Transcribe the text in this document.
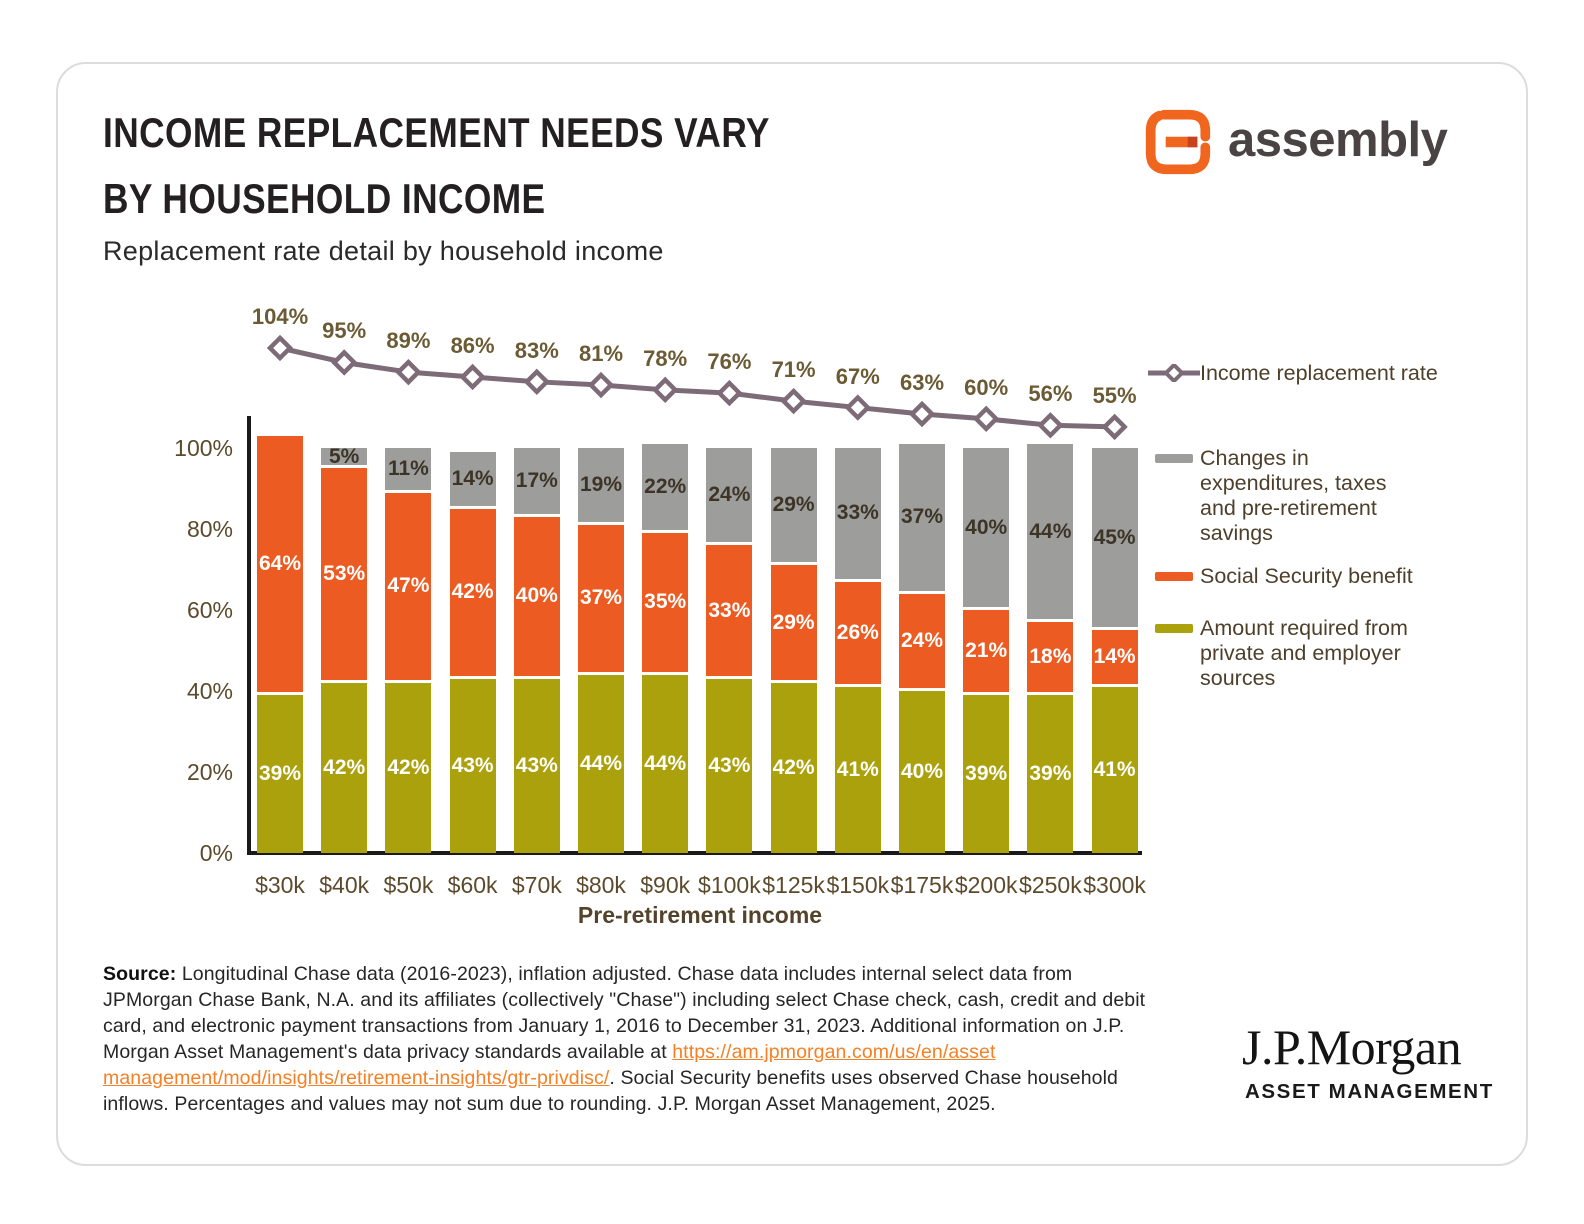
INCOME REPLACEMENT NEEDS VARY BY HOUSEHOLD INCOME
Replacement rate detail by household income
assembly
Pre-retirement income
0%
20%
40%
60%
80%
100%
39%
64%
$30k
104%
42%
53%
5%
$40k
95%
42%
47%
11%
$50k
89%
43%
42%
14%
$60k
86%
43%
40%
17%
$70k
83%
44%
37%
19%
$80k
81%
44%
35%
22%
$90k
78%
43%
33%
24%
$100k
76%
42%
29%
29%
$125k
71%
41%
26%
33%
$150k
67%
40%
24%
37%
$175k
63%
39%
21%
40%
$200k
60%
39%
18%
44%
$250k
56%
41%
14%
45%
$300k
55%
Income replacement rate
Changes in expenditures, taxes and pre-retirement savings
Social Security benefit
Amount required from private and employer sources
Source: Longitudinal Chase data (2016-2023), inflation adjusted. Chase data includes internal select data from JPMorgan Chase Bank, N.A. and its affiliates (collectively "Chase") including select Chase check, cash, credit and debit card, and electronic payment transactions from January 1, 2016 to December 31, 2023. Additional information on J.P. Morgan Asset Management's data privacy standards available at https://am.jpmorgan.com/us/en/asset management/mod/insights/retirement-insights/gtr-privdisc/. Social Security benefits uses observed Chase household inflows. Percentages and values may not sum due to rounding. J.P. Morgan Asset Management, 2025.
J.P.Morgan
ASSET MANAGEMENT
